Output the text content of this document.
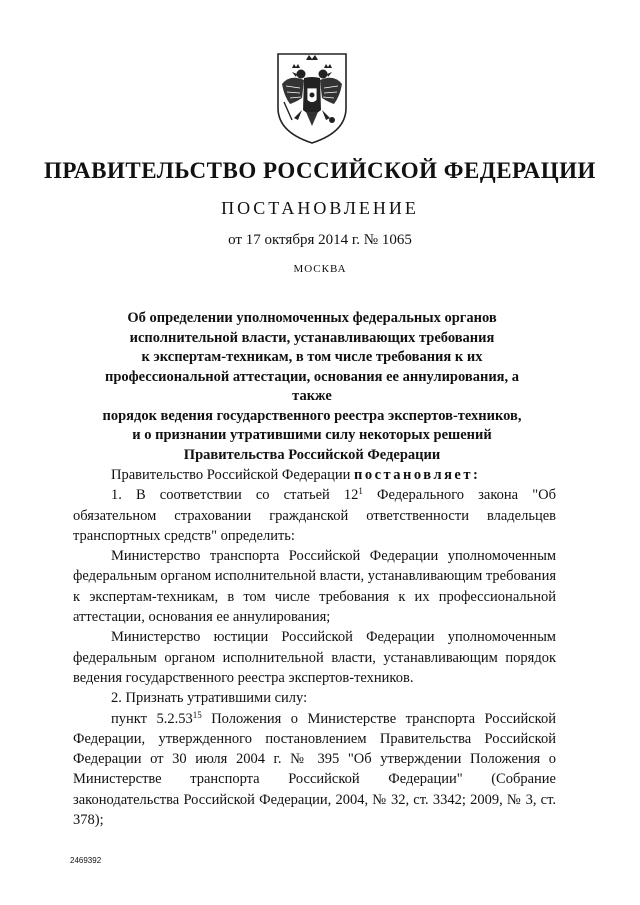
ПРАВИТЕЛЬСТВО РОССИЙСКОЙ ФЕДЕРАЦИИ
ПОСТАНОВЛЕНИЕ
от 17 октября 2014 г. № 1065
МОСКВА
Об определении уполномоченных федеральных органов
исполнительной власти, устанавливающих требования
к экспертам-техникам, в том числе требования к их
профессиональной аттестации, основания ее аннулирования, а также
порядок ведения государственного реестра экспертов-техников,
и о признании утратившими силу некоторых решений
Правительства Российской Федерации

Правительство Российской Федерации постановляет:

1. В соответствии со статьей $12^1$ Федерального закона "Об обязательном страховании гражданской ответственности владельцев транспортных средств" определить:

Министерство транспорта Российской Федерации уполномоченным федеральным органом исполнительной власти, устанавливающим требования к экспертам-техникам, в том числе требования к их профессиональной аттестации, основания ее аннулирования;

Министерство юстиции Российской Федерации уполномоченным федеральным органом исполнительной власти, устанавливающим порядок ведения государственного реестра экспертов-техников.

2. Признать утратившими силу:

пункт 5.2.53$^{15}$ Положения о Министерстве транспорта Российской Федерации, утвержденного постановлением Правительства Российской Федерации от 30 июля 2004 г. № 395 "Об утверждении Положения о Министерстве транспорта Российской Федерации" (Собрание законодательства Российской Федерации, 2004, № 32, ст. 3342; 2009, № 3, ст. 378);

2469392
